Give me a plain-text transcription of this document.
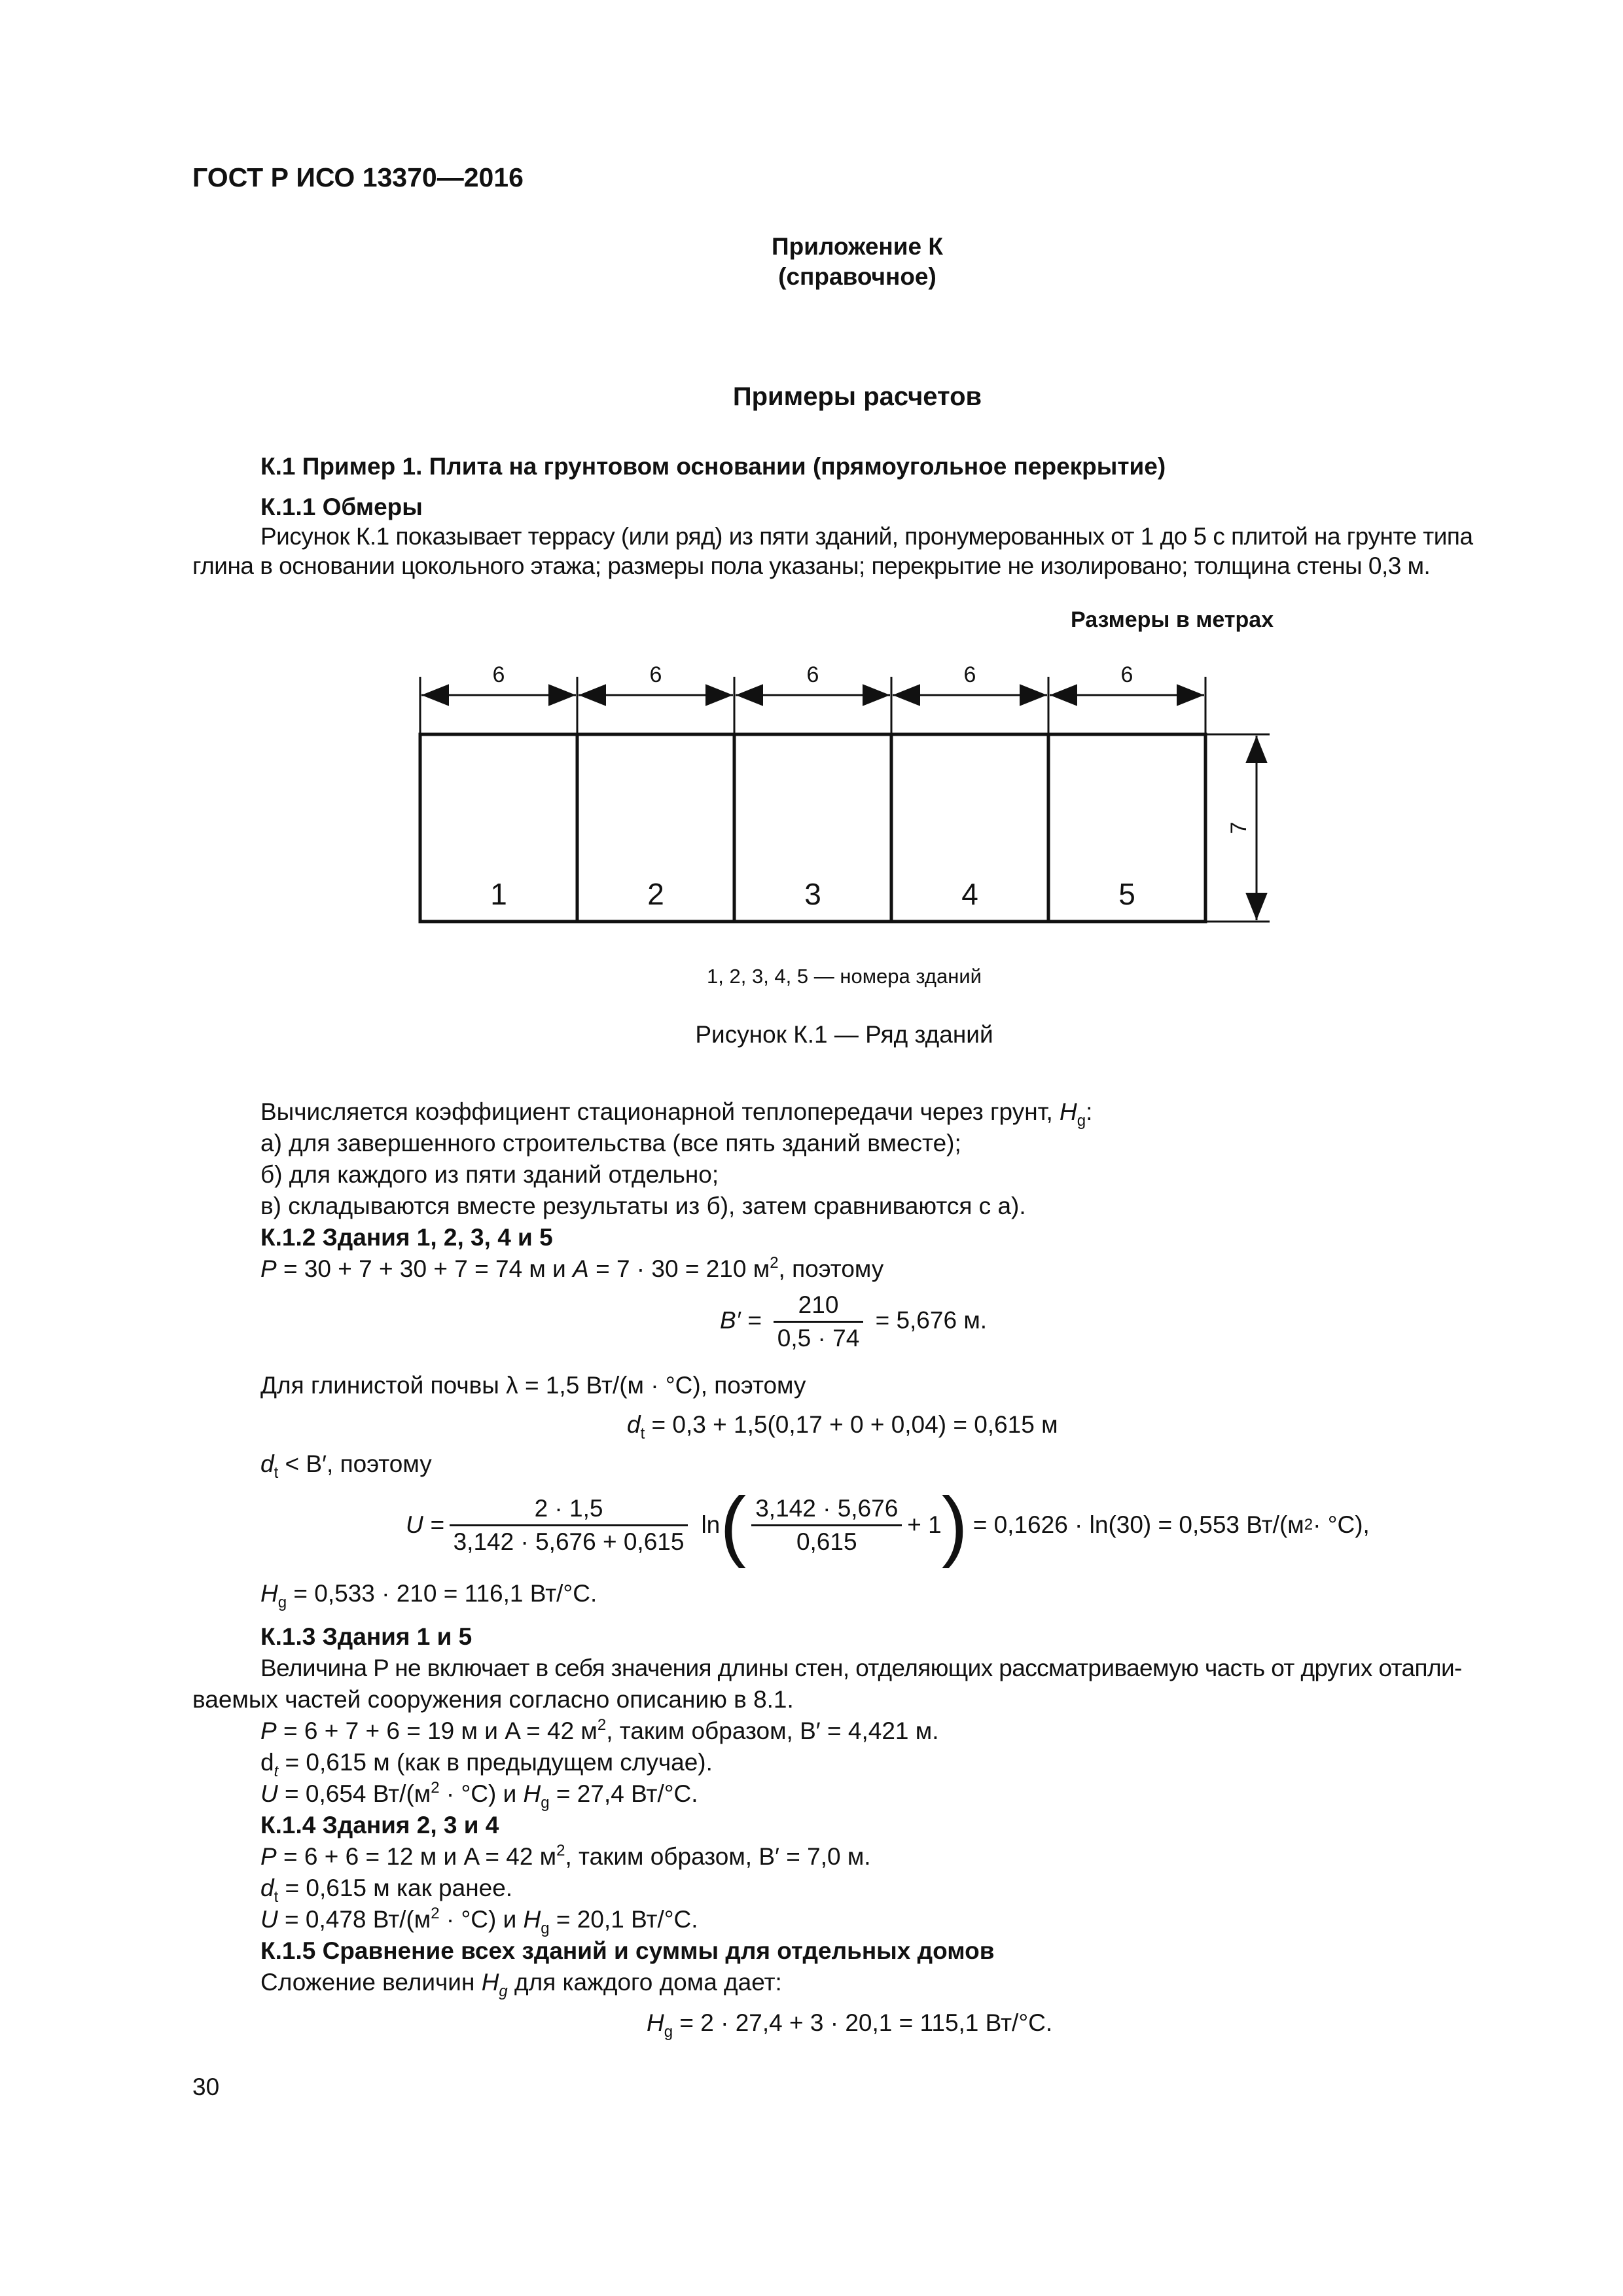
ГОСТ Р ИСО 13370—2016
Приложение К
(справочное)
Примеры расчетов
К.1 Пример 1. Плита на грунтовом основании (прямоугольное перекрытие)
К.1.1 Обмеры
Рисунок К.1 показывает террасу (или ряд) из пяти зданий, пронумерованных от 1 до 5 с плитой на грунте типа
глина в основании цокольного этажа; размеры пола указаны; перекрытие не изолировано; толщина стены 0,3 м.
Размеры в метрах
6	6	6	6	6
7
1	2	3	4	5
1, 2, 3, 4, 5 — номера зданий
Рисунок К.1 — Ряд зданий
Вычисляется коэффициент стационарной теплопередачи через грунт, $H_g$:
а) для завершенного строительства (все пять зданий вместе);
б) для каждого из пяти зданий отдельно;
в) складываются вместе результаты из б), затем сравниваются с а).
К.1.2 Здания 1, 2, 3, 4 и 5
P = 30 + 7 + 30 + 7 = 74 м и A = 7 · 30 = 210 $м^2$, поэтому
$B' = \frac{210}{0,5 \cdot 74} = 5,676$ м.
Для глинистой почвы λ = 1,5 Вт/(м · °С), поэтому
$d_t = 0,3 + 1,5(0,17 + 0 + 0,04) = 0,615$ м
$d_t < B'$, поэтому
$U = \frac{2 \cdot 1,5}{3,142 \cdot 5,676 + 0,615}$ ln ( $\frac{3,142 \cdot 5,676}{0,615} + 1$ ) = 0,1626 · ln(30) = 0,553 Вт/(м 2 · °С),
$H_g = 0,533 \cdot 210 = 116,1$ Вт/°С.
К.1.3 Здания 1 и 5
Величина P не включает в себя значения длины стен, отделяющих рассматриваемую часть от других отапли-
ваемых частей сооружения согласно описанию в 8.1.
P = 6 + 7 + 6 = 19 м и A = 42 $м^2$, таким образом, B′ = 4,421 м.
$d_t = 0,615$ м (как в предыдущем случае).
U = 0,654 $Вт/(м^2 \cdot ^\circ С)$ и $H_g = 27,4$ Вт/°С.
К.1.4 Здания 2, 3 и 4
P = 6 + 6 = 12 м и A = 42 $м^2$, таким образом, B′ = 7,0 м.
$d_t = 0,615$ м как ранее.
U = 0,478 $Вт/(м^2 \cdot ^\circ С)$ и $H_g = 20,1$ Вт/°С.
К.1.5 Сравнение всех зданий и суммы для отдельных домов
Сложение величин $H_g$ для каждого дома дает:
$H_g = 2 \cdot 27,4 + 3 \cdot 20,1 = 115,1$ Вт/°С.
30
